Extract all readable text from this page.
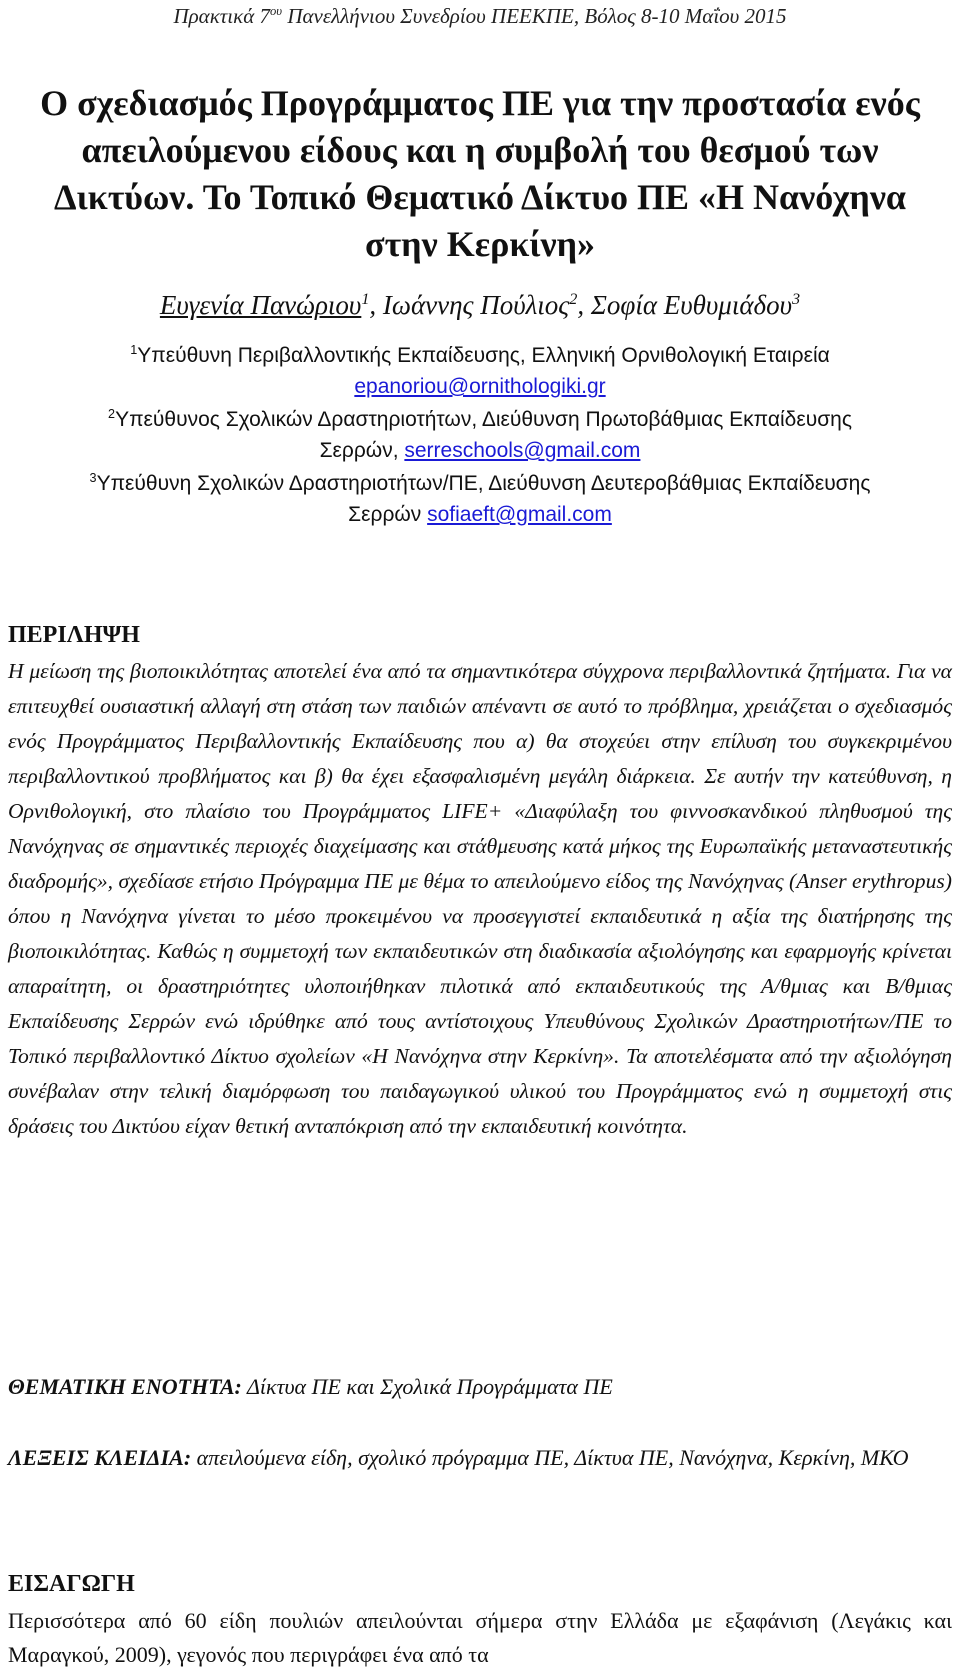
Πρακτικά $7^{o\upsilon}$ Πανελλήνιου Συνεδρίου ΠΕΕΚΠΕ, Βόλος 8-10 Μαΐου 2015
Ο σχεδιασμός Προγράμματος ΠΕ για την προστασία ενός απειλούμενου είδους και η συμβολή του θεσμού των Δικτύων. Το Τοπικό Θεματικό Δίκτυο ΠΕ «Η Νανόχηνα στην Κερκίνη»
Ευγενία Πανώριου$^1$, Ιωάννης Πούλιος$^2$, Σοφία Ευθυμιάδου$^3$
$^1$Υπεύθυνη Περιβαλλοντικής Εκπαίδευσης, Ελληνική Ορνιθολογική Εταιρεία
epanoriou@ornithologiki.gr
$^2$Υπεύθυνος Σχολικών Δραστηριοτήτων, Διεύθυνση Πρωτοβάθμιας Εκπαίδευσης
Σερρών, serreschools@gmail.com
$^3$Υπεύθυνη Σχολικών Δραστηριοτήτων/ΠΕ, Διεύθυνση Δευτεροβάθμιας Εκπαίδευσης
Σερρών sofiaeft@gmail.com
ΠΕΡΙΛΗΨΗ

Η μείωση της βιοποικιλότητας αποτελεί ένα από τα σημαντικότερα σύγχρονα περιβαλλοντικά ζητήματα. Για να επιτευχθεί ουσιαστική αλλαγή στη στάση των παιδιών απέναντι σε αυτό το πρόβλημα, χρειάζεται ο σχεδιασμός ενός Προγράμματος Περιβαλλοντικής Εκπαίδευσης που α) θα στοχεύει στην επίλυση του συγκεκριμένου περιβαλλοντικού προβλήματος και β) θα έχει εξασφαλισμένη μεγάλη διάρκεια. Σε αυτήν την κατεύθυνση, η Ορνιθολογική, στο πλαίσιο του Προγράμματος LIFE+ «Διαφύλαξη του φιννοσκανδικού πληθυσμού της Νανόχηνας σε σημαντικές περιοχές διαχείμασης και στάθμευσης κατά μήκος της Ευρωπαϊκής μεταναστευτικής διαδρομής», σχεδίασε ετήσιο Πρόγραμμα ΠΕ με θέμα το απειλούμενο είδος της Νανόχηνας (Anser erythropus) όπου η Νανόχηνα γίνεται το μέσο προκειμένου να προσεγγιστεί εκπαιδευτικά η αξία της διατήρησης της βιοποικιλότητας. Καθώς η συμμετοχή των εκπαιδευτικών στη διαδικασία αξιολόγησης και εφαρμογής κρίνεται απαραίτητη, οι δραστηριότητες υλοποιήθηκαν πιλοτικά από εκπαιδευτικούς της Α/θμιας και Β/θμιας Εκπαίδευσης Σερρών ενώ ιδρύθηκε από τους αντίστοιχους Υπευθύνους Σχολικών Δραστηριοτήτων/ΠΕ το Τοπικό περιβαλλοντικό Δίκτυο σχολείων «Η Νανόχηνα στην Κερκίνη». Τα αποτελέσματα από την αξιολόγηση συνέβαλαν στην τελική διαμόρφωση του παιδαγωγικού υλικού του Προγράμματος ενώ η συμμετοχή στις δράσεις του Δικτύου είχαν θετική ανταπόκριση από την εκπαιδευτική κοινότητα.

ΘΕΜΑΤΙΚΗ ΕΝΟΤΗΤΑ: Δίκτυα ΠΕ και Σχολικά Προγράμματα ΠΕ

ΛΕΞΕΙΣ ΚΛΕΙΔΙΑ: απειλούμενα είδη, σχολικό πρόγραμμα ΠΕ, Δίκτυα ΠΕ, Νανόχηνα, Κερκίνη, ΜΚΟ

ΕΙΣΑΓΩΓΗ

Περισσότερα από 60 είδη πουλιών απειλούνται σήμερα στην Ελλάδα με εξαφάνιση (Λεγάκις και Μαραγκού, 2009), γεγονός που περιγράφει ένα από τα
